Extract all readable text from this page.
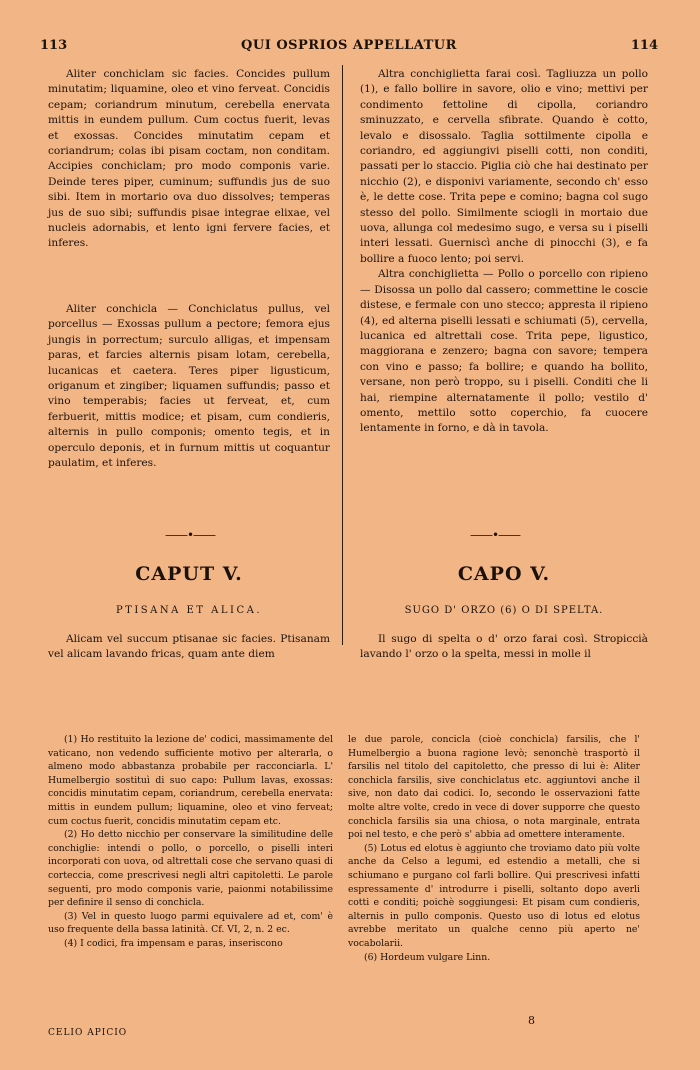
QUI OSPRIOS APPELLATUR
113	114

Aliter conchiclam sic facies. Concides pullum minutatim; liquamine, oleo et vino ferveat. Concidis cepam; coriandrum minutum, cerebella enervata mittis in eundem pullum. Cum coctus fuerit, levas et exossas. Concides minutatim cepam et coriandrum; colas ibi pisam coctam, non conditam. Accipies conchiclam; pro modo componis varie. Deinde teres piper, cuminum; suffundis jus de suo sibi. Item in mortario ova duo dissolves; temperas jus de suo sibi; suffundis pisae integrae elixae, vel nucleis adornabis, et lento igni fervere facies, et inferes.

Aliter conchicla — Conchiclatus pullus, vel porcellus — Exossas pullum a pectore; femora ejus jungis in porrectum; surculo alligas, et impensam paras, et farcies alternis pisam lotam, cerebella, lucanicas et caetera. Teres piper ligusticum, origanum et zingiber; liquamen suffundis; passo et vino temperabis; facies ut ferveat, et, cum ferbuerit, mittis modice; et pisam, cum condieris, alternis in pullo componis; omento tegis, et in operculo deponis, et in furnum mittis ut coquantur paulatim, et inferes.

Altra conchiglietta farai così. Tagliuzza un pollo (1), e fallo bollire in savore, olio e vino; mettivi per condimento fettoline di cipolla, coriandro sminuzzato, e cervella sfibrate. Quando è cotto, levalo e disossalo. Taglia sottilmente cipolla e coriandro, ed aggiungivi piselli cotti, non conditi, passati per lo staccio. Piglia ciò che hai destinato per nicchio (2), e disponivi variamente, secondo ch' esso è, le dette cose. Trita pepe e comino; bagna col sugo stesso del pollo. Similmente sciogli in mortaio due uova, allunga col medesimo sugo, e versa su i piselli interi lessati. Guerniscì anche di pinocchi (3), e fa bollire a fuoco lento; poi servi.

Altra conchiglietta — Pollo o porcello con ripieno — Disossa un pollo dal cassero; commettine le coscie distese, e fermale con uno stecco; appresta il ripieno (4), ed alterna piselli lessati e schiumati (5), cervella, lucanica ed altrettali cose. Trita pepe, ligustico, maggiorana e zenzero; bagna con savore; tempera con vino e passo; fa bollire; e quando ha bollito, versane, non però troppo, su i piselli. Conditi che li hai, riempine alternatamente il pollo; vestilo d' omento, mettilo sotto coperchio, fa cuocere lentamente in forno, e dà in tavola.

——•——	——•——
CAPUT V.	CAPO V.
PTISANA ET ALICA.	SUGO D' ORZO (6) O DI SPELTA.

Alicam vel succum ptisanae sic facies. Ptisanam vel alicam lavando fricas, quam ante diem

Il sugo di spelta o d' orzo farai così. Stropiccià lavando l' orzo o la spelta, messi in molle il

(1) Ho restituito la lezione de' codici, massimamente del vaticano, non vedendo sufficiente motivo per alterarla, o almeno modo abbastanza probabile per racconciarla. L' Humelbergio sostituì di suo capo: Pullum lavas, exossas: concidis minutatim cepam, coriandrum, cerebella enervata: mittis in eundem pullum; liquamine, oleo et vino ferveat; cum coctus fuerit, concidis minutatim cepam etc.

(2) Ho detto nicchio per conservare la similitudine delle conchiglie: intendi o pollo, o porcello, o piselli interi incorporati con uova, od altrettali cose che servano quasi di corteccia, come prescrivesi negli altri capitoletti. Le parole seguenti, pro modo componis varie, paionmi notabilissime per definire il senso di conchicla.

(3) Vel in questo luogo parmi equivalere ad et, com' è uso frequente della bassa latinità. Cf. VI, 2, n. 2 ec.

(4) I codici, fra impensam e paras, inseriscono

le due parole, concicla (cioè conchicla) farsilis, che l' Humelbergio a buona ragione levò; senonchè trasportò il farsilis nel titolo del capitoletto, che presso di lui è: Aliter conchicla farsilis, sive conchiclatus etc. aggiuntovi anche il sive, non dato dai codici. Io, secondo le osservazioni fatte molte altre volte, credo in vece di dover supporre che questo conchicla farsilis sia una chiosa, o nota marginale, entrata poi nel testo, e che però s' abbia ad ometterе interamente.

(5) Lotus ed elotus è aggiunto che troviamo dato più volte anche da Celso a legumi, ed estendio a metalli, che si schiumano e purgano col farli bollire. Qui prescrivesi infatti espressamente d' introdurre i piselli, soltanto dopo averli cotti e conditi; poichè soggiungesi: Et pisam cum condieris, alternis in pullo componis. Questo uso di lotus ed elotus avrebbe meritato un qualche cenno più aperto ne' vocabolarii.

(6) Hordeum vulgare Linn.

CELIO APICIO
8
